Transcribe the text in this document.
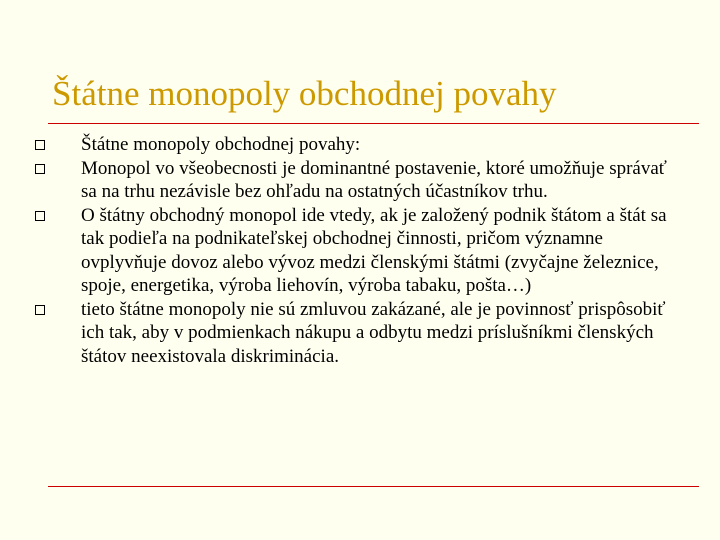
Štátne monopoly obchodnej povahy
Štátne monopoly obchodnej povahy:
Monopol vo všeobecnosti je dominantné postavenie, ktoré umožňuje správať sa na trhu nezávisle bez ohľadu na ostatných účastníkov trhu.
O štátny obchodný monopol ide vtedy, ak je založený podnik štátom a štát sa tak podieľa na podnikateľskej obchodnej činnosti, pričom významne ovplyvňuje dovoz alebo vývoz medzi členskými štátmi (zvyčajne železnice, spoje, energetika, výroba liehovín, výroba tabaku, pošta…)
tieto štátne monopoly nie sú zmluvou zakázané, ale je povinnosť prispôsobiť ich tak, aby v podmienkach nákupu a odbytu medzi príslušníkmi členských štátov neexistovala diskriminácia.
